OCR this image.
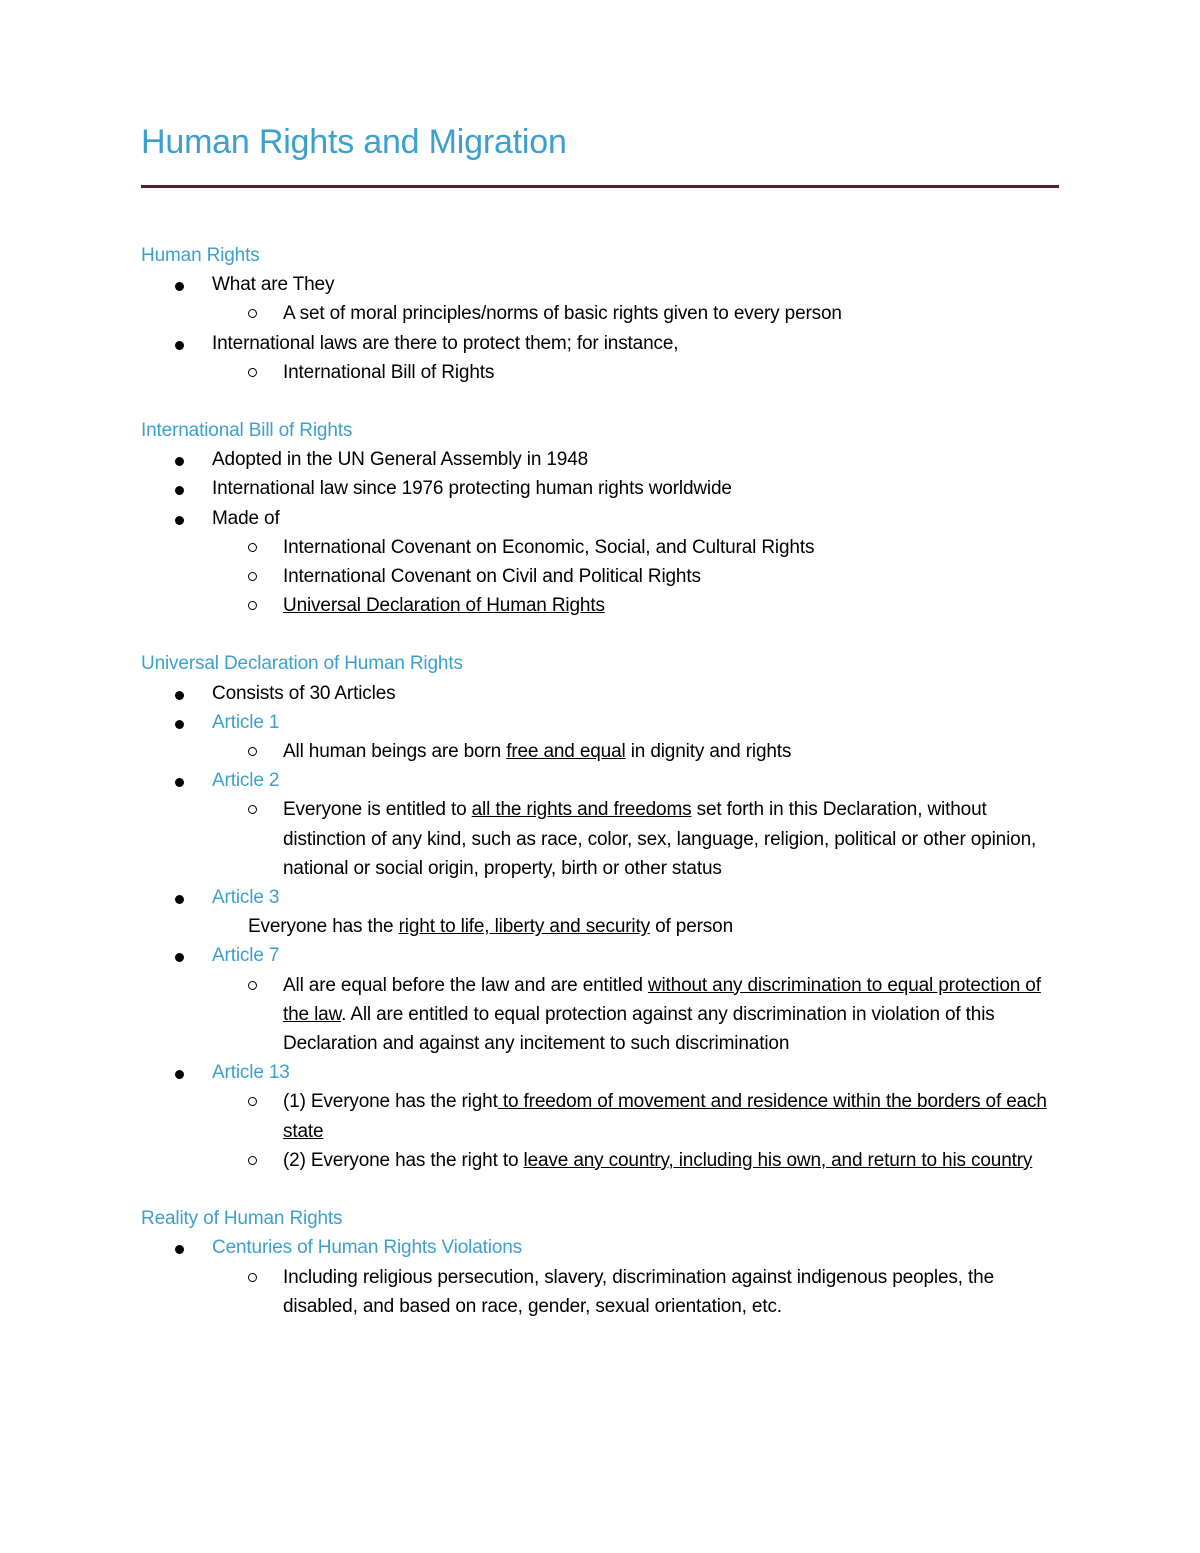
Human Rights and Migration
Human Rights
What are They
A set of moral principles/norms of basic rights given to every person
International laws are there to protect them; for instance,
International Bill of Rights
International Bill of Rights
Adopted in the UN General Assembly in 1948
International law since 1976 protecting human rights worldwide
Made of
International Covenant on Economic, Social, and Cultural Rights
International Covenant on Civil and Political Rights
Universal Declaration of Human Rights
Universal Declaration of Human Rights
Consists of 30 Articles
Article 1
All human beings are born free and equal in dignity and rights
Article 2
Everyone is entitled to all the rights and freedoms set forth in this Declaration, without distinction of any kind, such as race, color, sex, language, religion, political or other opinion, national or social origin, property, birth or other status
Article 3
Everyone has the right to life, liberty and security of person
Article 7
All are equal before the law and are entitled without any discrimination to equal protection of the law. All are entitled to equal protection against any discrimination in violation of this Declaration and against any incitement to such discrimination
Article 13
(1) Everyone has the right to freedom of movement and residence within the borders of each state
(2) Everyone has the right to leave any country, including his own, and return to his country
Reality of Human Rights
Centuries of Human Rights Violations
Including religious persecution, slavery, discrimination against indigenous peoples, the disabled, and based on race, gender, sexual orientation, etc.
